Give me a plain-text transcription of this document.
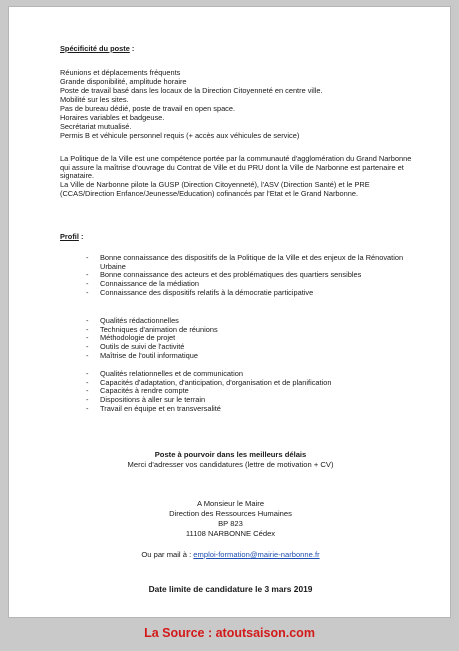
Spécificité du poste :
Réunions et déplacements fréquents
Grande disponibilité, amplitude horaire
Poste de travail basé dans les locaux de la Direction Citoyenneté en centre ville.
Mobilité sur les sites.
Pas de bureau dédié, poste de travail en open space.
Horaires variables et badgeuse.
Secrétariat mutualisé.
Permis B et véhicule personnel requis (+ accès aux véhicules de service)
La Politique de la Ville est une compétence portée par la communauté d'agglomération du Grand Narbonne qui assure la maîtrise d'ouvrage du Contrat de Ville et du PRU dont la Ville de Narbonne est partenaire et signataire.
La Ville de Narbonne pilote la GUSP (Direction Citoyenneté), l'ASV (Direction Santé) et le PRE (CCAS/Direction Enfance/Jeunesse/Education) cofinancés par l'Etat et le Grand Narbonne.
Profil :
- Bonne connaissance des dispositifs de la Politique de la Ville et des enjeux de la Rénovation Urbaine
- Bonne connaissance des acteurs et des problématiques des quartiers sensibles
- Connaissance de la médiation
- Connaissance des dispositifs relatifs à la démocratie participative
- Qualités rédactionnelles
- Techniques d'animation de réunions
- Méthodologie de projet
- Outils de suivi de l'activité
- Maîtrise de l'outil informatique
- Qualités relationnelles et de communication
- Capacités d'adaptation, d'anticipation, d'organisation et de planification
- Capacités à rendre compte
- Dispositions à aller sur le terrain
- Travail en équipe et en transversalité
Poste à pourvoir dans les meilleurs délais
Merci d'adresser vos candidatures (lettre de motivation + CV)
A Monsieur le Maire
Direction des Ressources Humaines
BP 823
11108 NARBONNE Cédex
Ou par mail à : emploi-formation@mairie-narbonne.fr
Date limite de candidature le 3 mars 2019
La Source : atoutsaison.com
